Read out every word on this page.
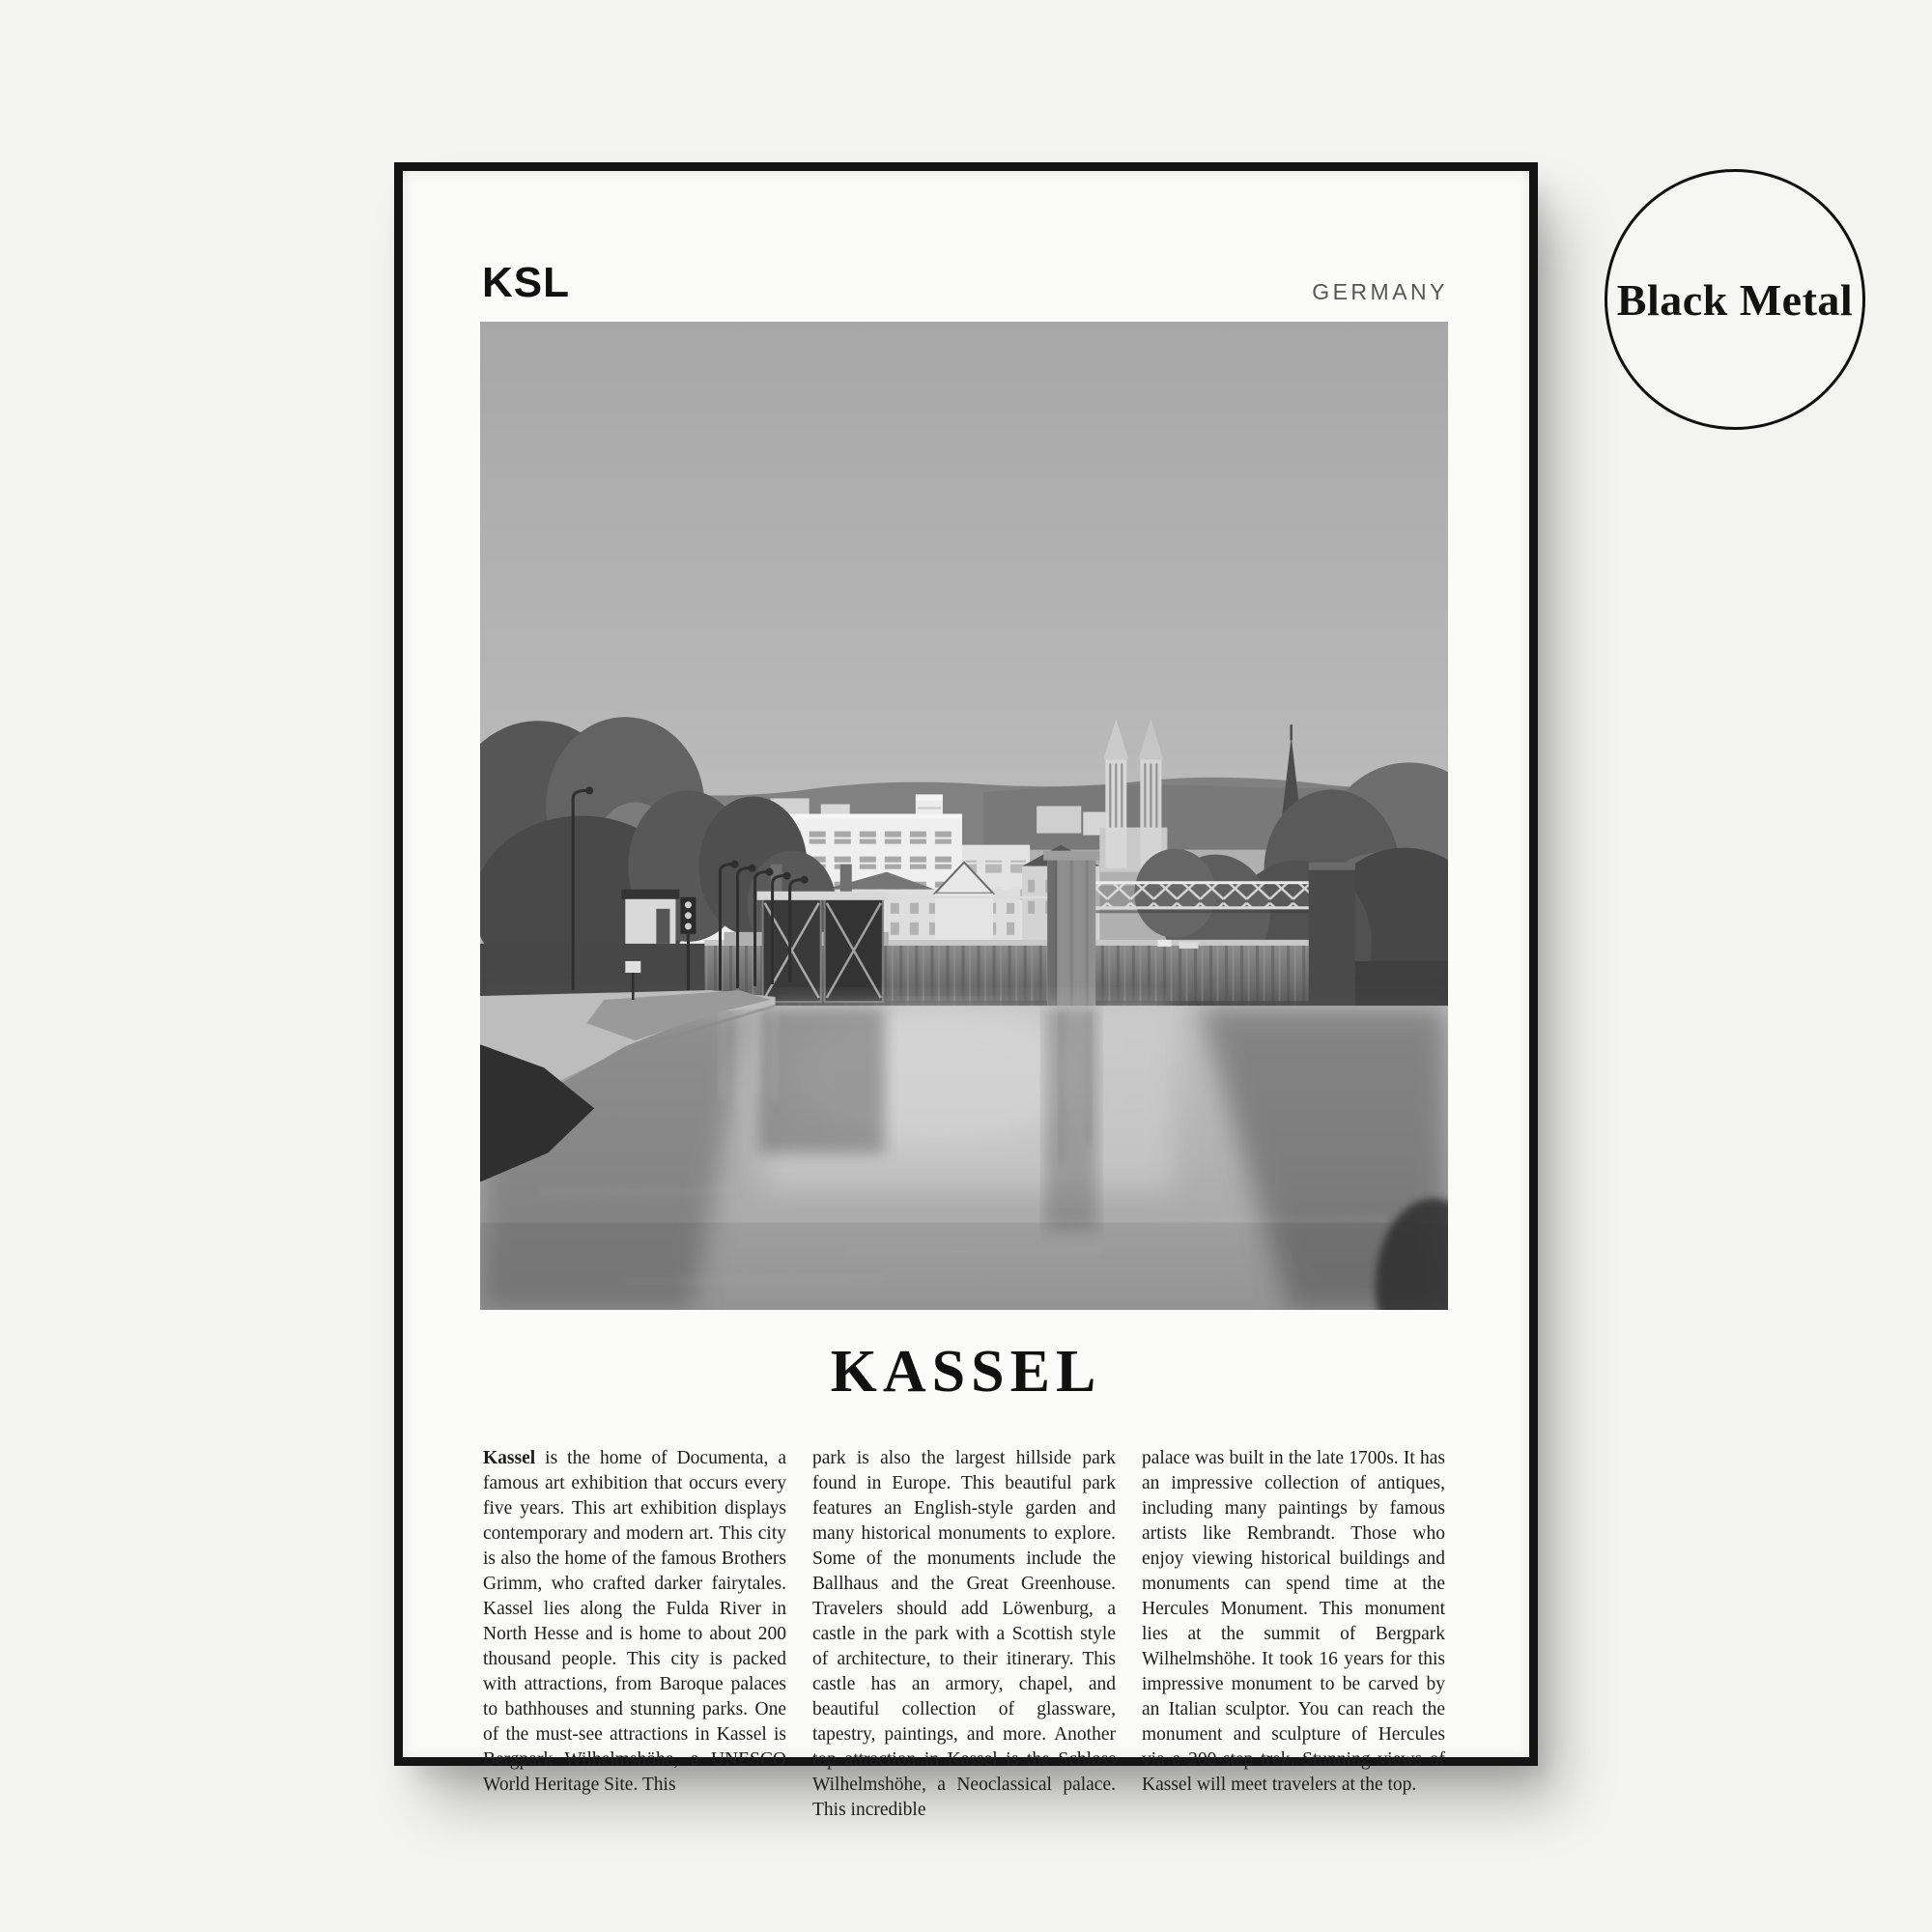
Black Metal
KSL	GERMANY
KASSEL

Kassel is the home of Documenta, a famous art exhibition that occurs every five years. This art exhibition displays contemporary and modern art. This city is also the home of the famous Brothers Grimm, who crafted darker fairytales. Kassel lies along the Fulda River in North Hesse and is home to about 200 thousand people. This city is packed with attractions, from Baroque palaces to bathhouses and stunning parks. One of the must-see attractions in Kassel is Bergpark Wilhelmshöhe, a UNESCO World Heritage Site. This

park is also the largest hillside park found in Europe. This beautiful park features an English-style garden and many historical monuments to explore. Some of the monuments include the Ballhaus and the Great Greenhouse. Travelers should add Löwenburg, a castle in the park with a Scottish style of architecture, to their itinerary. This castle has an armory, chapel, and beautiful collection of glassware, tapestry, paintings, and more. Another top attraction in Kassel is the Schloss Wilhelmshöhe, a Neoclassical palace. This incredible

palace was built in the late 1700s. It has an impressive collection of antiques, including many paintings by famous artists like Rembrandt. Those who enjoy viewing historical buildings and monuments can spend time at the Hercules Monument. This monument lies at the summit of Bergpark Wilhelmshöhe. It took 16 years for this impressive monument to be carved by an Italian sculptor. You can reach the monument and sculpture of Hercules via a 200-step trek. Stunning views of Kassel will meet travelers at the top.
